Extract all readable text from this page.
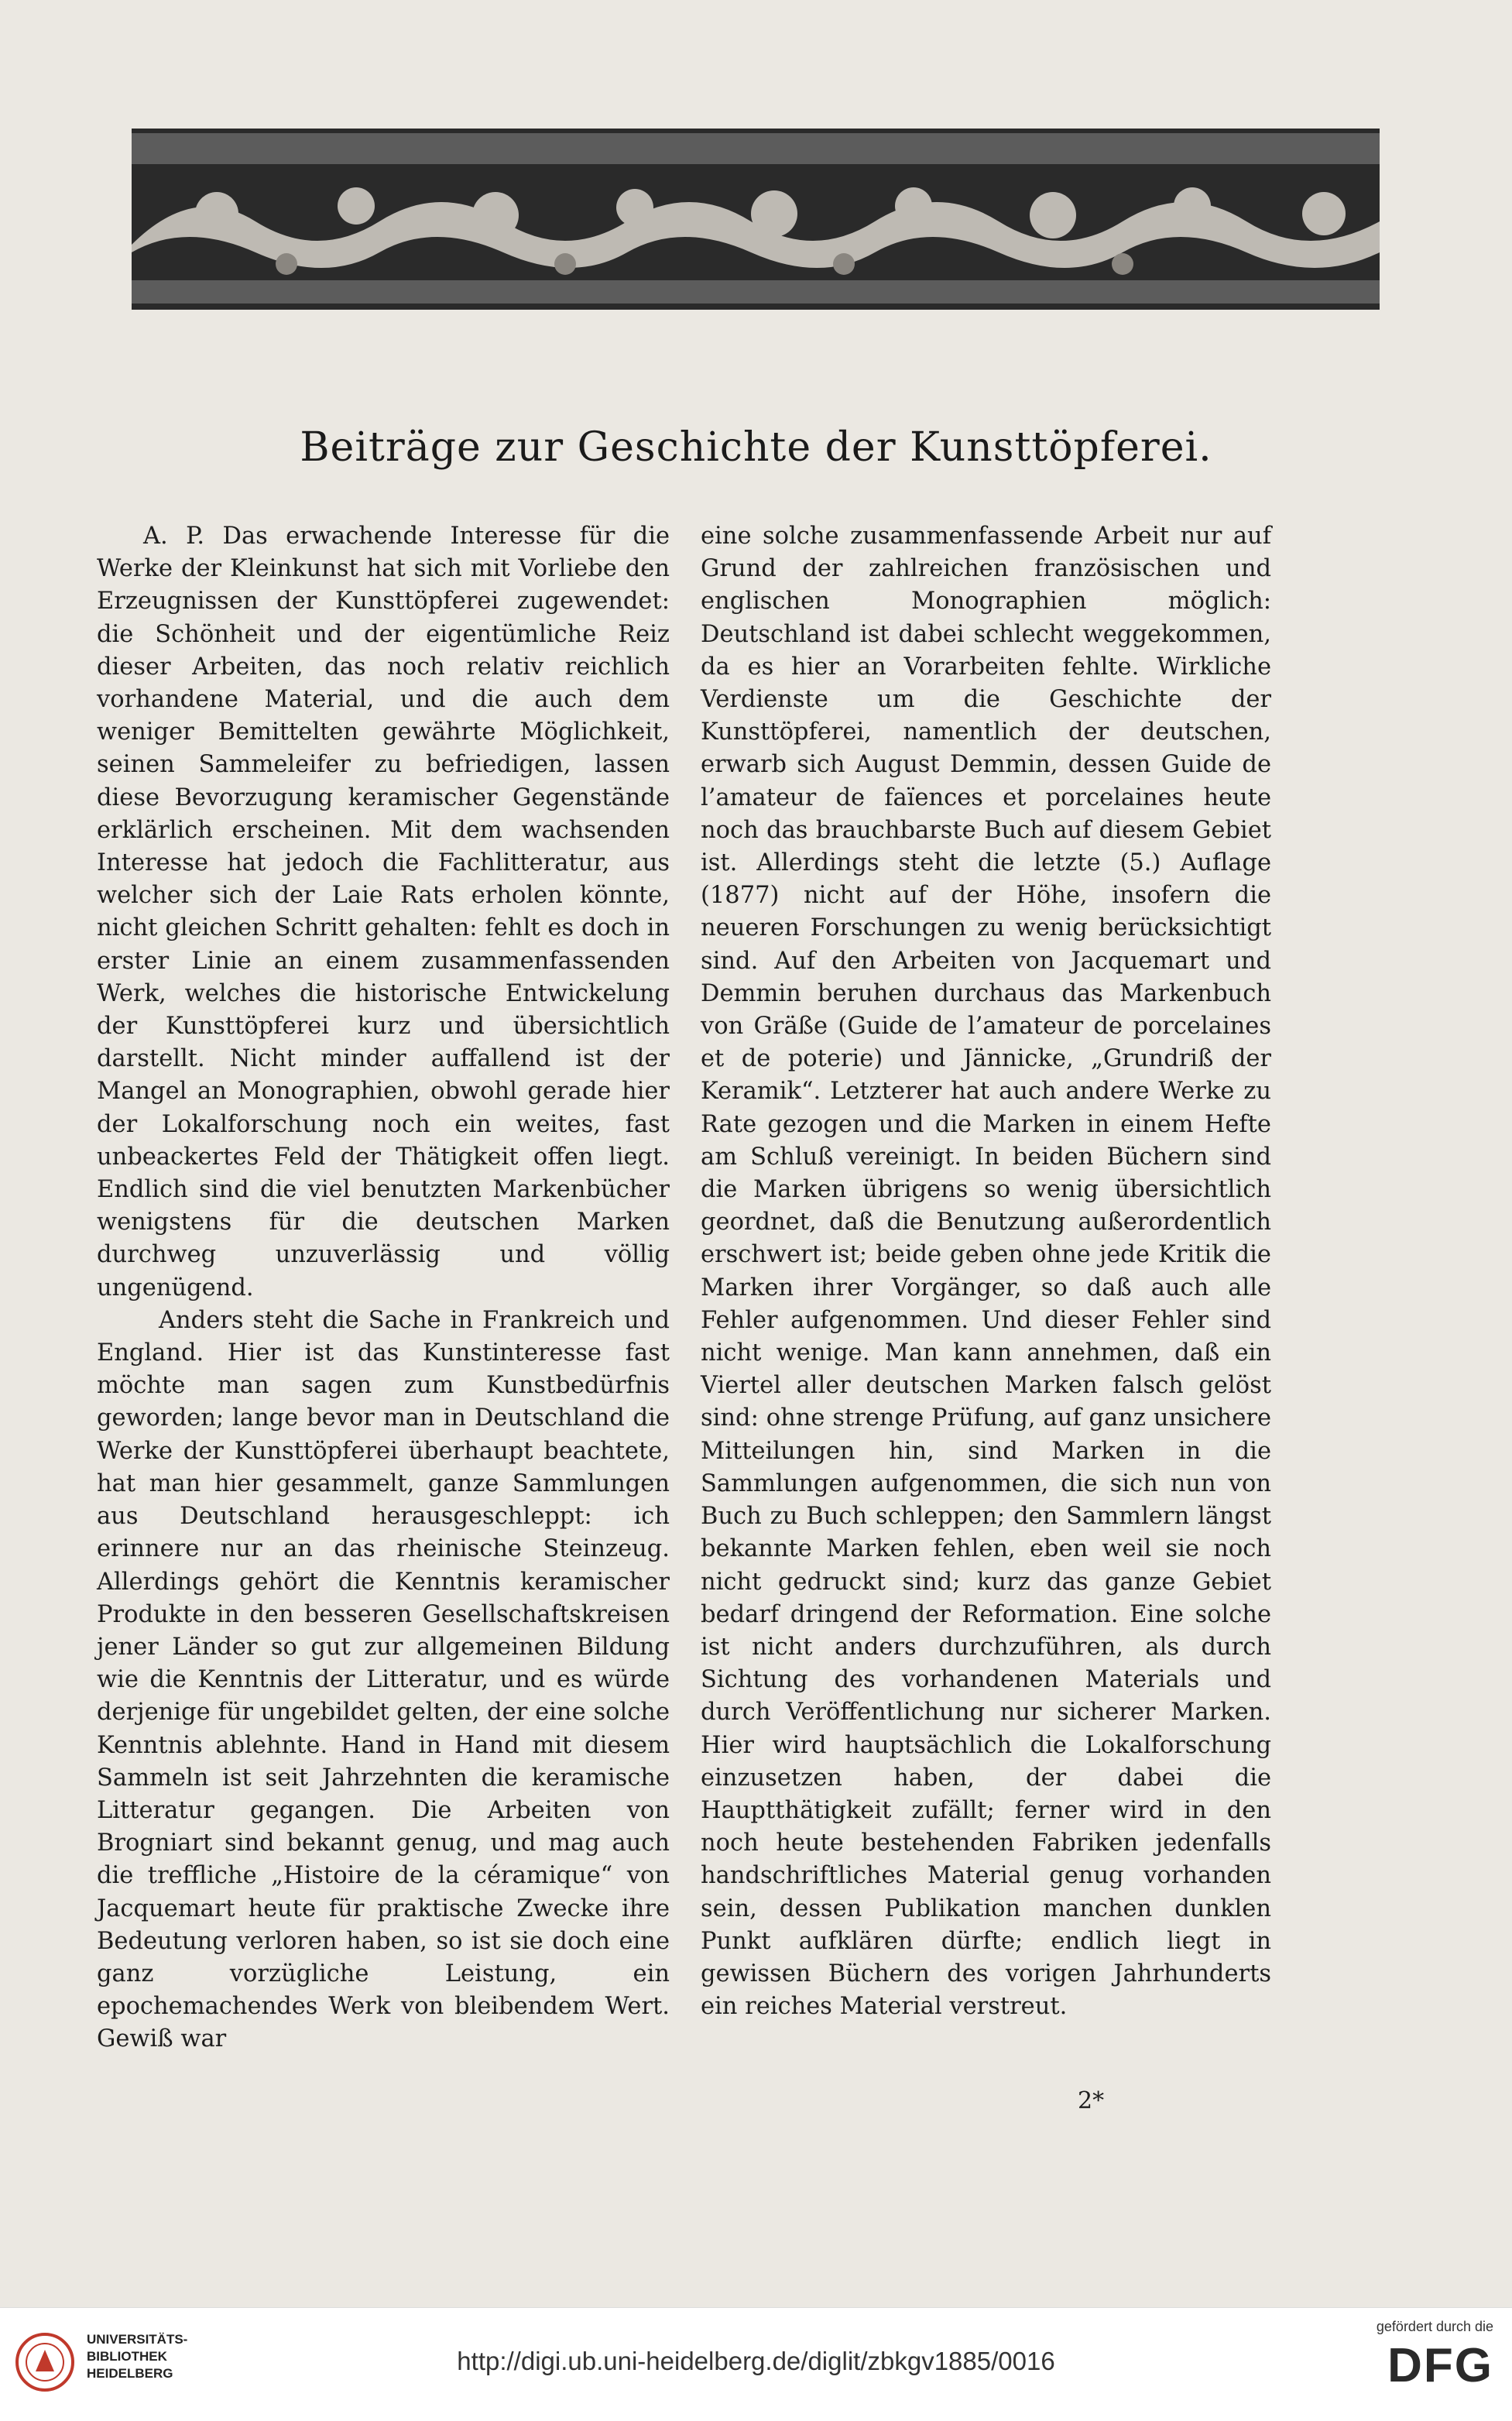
Beiträge zur Geschichte der Kunsttöpferei.

A. P. Das erwachende Interesse für die Werke der Kleinkunst hat sich mit Vorliebe den Erzeugnissen der Kunsttöpferei zugewendet: die Schönheit und der eigentümliche Reiz dieser Arbeiten, das noch relativ reichlich vorhandene Material, und die auch dem weniger Bemittelten gewährte Möglichkeit, seinen Sammeleifer zu befriedigen, lassen diese Bevorzugung keramischer Gegenstände erklärlich erscheinen. Mit dem wachsenden Interesse hat jedoch die Fachlitteratur, aus welcher sich der Laie Rats erholen könnte, nicht gleichen Schritt gehalten: fehlt es doch in erster Linie an einem zusammenfassenden Werk, welches die historische Entwickelung der Kunsttöpferei kurz und übersichtlich darstellt. Nicht minder auffallend ist der Mangel an Monographien, obwohl gerade hier der Lokalforschung noch ein weites, fast unbeackertes Feld der Thätigkeit offen liegt. Endlich sind die viel benutzten Markenbücher wenigstens für die deutschen Marken durchweg unzuverlässig und völlig ungenügend.

Anders steht die Sache in Frankreich und England. Hier ist das Kunstinteresse fast möchte man sagen zum Kunstbedürfnis geworden; lange bevor man in Deutschland die Werke der Kunsttöpferei überhaupt beachtete, hat man hier gesammelt, ganze Sammlungen aus Deutschland herausgeschleppt: ich erinnere nur an das rheinische Steinzeug. Allerdings gehört die Kenntnis keramischer Produkte in den besseren Gesellschaftskreisen jener Länder so gut zur allgemeinen Bildung wie die Kenntnis der Litteratur, und es würde derjenige für ungebildet gelten, der eine solche Kenntnis ablehnte. Hand in Hand mit diesem Sammeln ist seit Jahrzehnten die keramische Litteratur gegangen. Die Arbeiten von Brogniart sind bekannt genug, und mag auch die treffliche „Histoire de la céramique“ von Jacquemart heute für praktische Zwecke ihre Bedeutung verloren haben, so ist sie doch eine ganz vorzügliche Leistung, ein epochemachendes Werk von bleibendem Wert. Gewiß war

eine solche zusammenfassende Arbeit nur auf Grund der zahlreichen französischen und englischen Monographien möglich: Deutschland ist dabei schlecht weggekommen, da es hier an Vorarbeiten fehlte. Wirkliche Verdienste um die Geschichte der Kunsttöpferei, namentlich der deutschen, erwarb sich August Demmin, dessen Guide de l’amateur de faïences et porcelaines heute noch das brauchbarste Buch auf diesem Gebiet ist. Allerdings steht die letzte (5.) Auflage (1877) nicht auf der Höhe, insofern die neueren Forschungen zu wenig berücksichtigt sind. Auf den Arbeiten von Jacquemart und Demmin beruhen durchaus das Markenbuch von Gräße (Guide de l’amateur de porcelaines et de poterie) und Jännicke, „Grundriß der Keramik“. Letzterer hat auch andere Werke zu Rate gezogen und die Marken in einem Hefte am Schluß vereinigt. In beiden Büchern sind die Marken übrigens so wenig übersichtlich geordnet, daß die Benutzung außerordentlich erschwert ist; beide geben ohne jede Kritik die Marken ihrer Vorgänger, so daß auch alle Fehler aufgenommen. Und dieser Fehler sind nicht wenige. Man kann annehmen, daß ein Viertel aller deutschen Marken falsch gelöst sind: ohne strenge Prüfung, auf ganz unsichere Mitteilungen hin, sind Marken in die Sammlungen aufgenommen, die sich nun von Buch zu Buch schleppen; den Sammlern längst bekannte Marken fehlen, eben weil sie noch nicht gedruckt sind; kurz das ganze Gebiet bedarf dringend der Reformation. Eine solche ist nicht anders durchzuführen, als durch Sichtung des vorhandenen Materials und durch Veröffentlichung nur sicherer Marken. Hier wird hauptsächlich die Lokalforschung einzusetzen haben, der dabei die Hauptthätigkeit zufällt; ferner wird in den noch heute bestehenden Fabriken jedenfalls handschriftliches Material genug vorhanden sein, dessen Publikation manchen dunklen Punkt aufklären dürfte; endlich liegt in gewissen Büchern des vorigen Jahrhunderts ein reiches Material verstreut.

2*
UNIVERSITÄTS-
BIBLIOTHEK
HEIDELBERG	http://digi.ub.uni-heidelberg.de/diglit/zbkgv1885/0016
gefördert durch die
DFG
